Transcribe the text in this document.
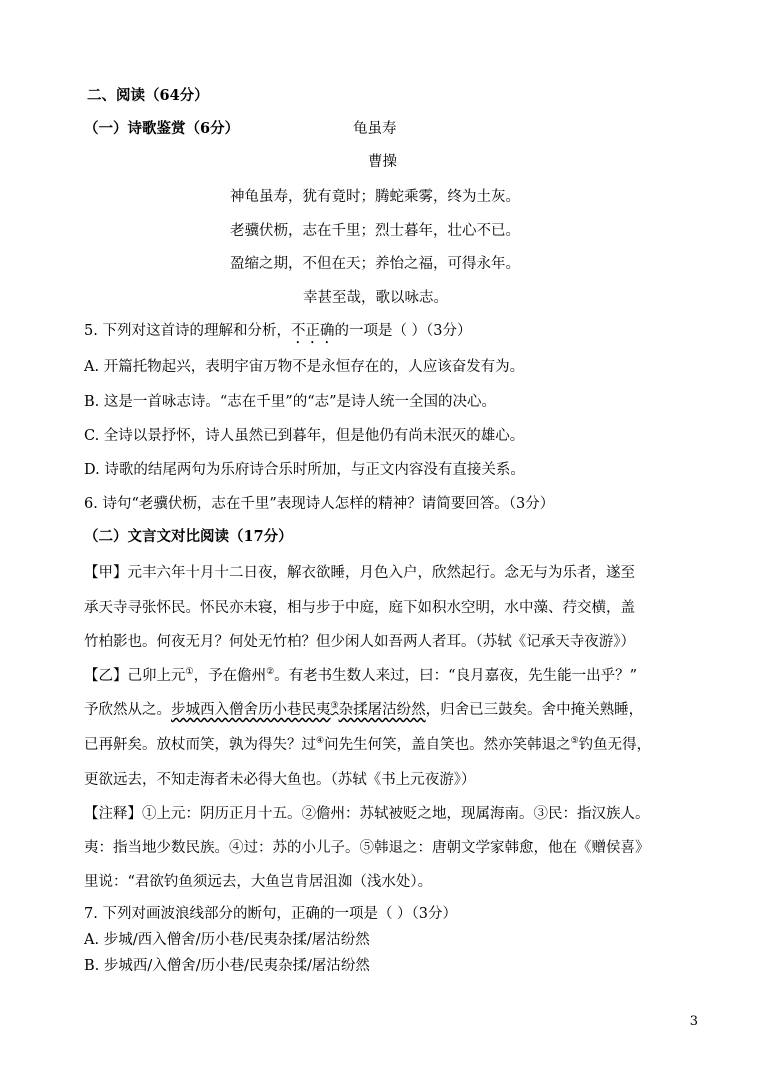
二、阅读（64分）
（一）诗歌鉴赏（6分）	龟虽寿
曹操
神龟虽寿，犹有竟时；腾蛇乘雾，终为土灰。
老骥伏枥，志在千里；烈士暮年，壮心不已。
盈缩之期，不但在天；养怡之福，可得永年。
幸甚至哉，歌以咏志。
5. 下列对这首诗的理解和分析，不正确的一项是（ ）（3分）
A. 开篇托物起兴，表明宇宙万物不是永恒存在的，人应该奋发有为。
B. 这是一首咏志诗。“志在千里”的“志”是诗人统一全国的决心。
C. 全诗以景抒怀，诗人虽然已到暮年，但是他仍有尚未泯灭的雄心。
D. 诗歌的结尾两句为乐府诗合乐时所加，与正文内容没有直接关系。
6. 诗句“老骥伏枥，志在千里”表现诗人怎样的精神？请简要回答。（3分）
（二）文言文对比阅读（17分）
【甲】元丰六年十月十二日夜，解衣欲睡，月色入户，欣然起行。念无与为乐者，遂至
承天寺寻张怀民。怀民亦未寝，相与步于中庭，庭下如积水空明，水中藻、荇交横，盖
竹柏影也。何夜无月？何处无竹柏？但少闲人如吾两人者耳。（苏轼《记承天寺夜游》）
【乙】己卯上元①，予在儋州②。有老书生数人来过，曰：“良月嘉夜，先生能一出乎？”
予欣然从之。步城西入僧舍历小巷民夷③杂揉屠沽纷然，归舍已三鼓矣。舍中掩关熟睡，
已再鼾矣。放杖而笑，孰为得失？过④问先生何笑，盖自笑也。然亦笑韩退之⑤钓鱼无得，
更欲远去，不知走海者未必得大鱼也。（苏轼《书上元夜游》）
【注释】①上元：阴历正月十五。②儋州：苏轼被贬之地，现属海南。③民：指汉族人。
夷：指当地少数民族。④过：苏的小儿子。⑤韩退之：唐朝文学家韩愈，他在《赠侯喜》
里说：“君欲钓鱼须远去，大鱼岂肯居沮洳（浅水处）。
7. 下列对画波浪线部分的断句，正确的一项是（ ）（3分）
A. 步城/西入僧舍/历小巷/民夷杂揉/屠沽纷然
B. 步城西/入僧舍/历小巷/民夷杂揉/屠沽纷然
3
